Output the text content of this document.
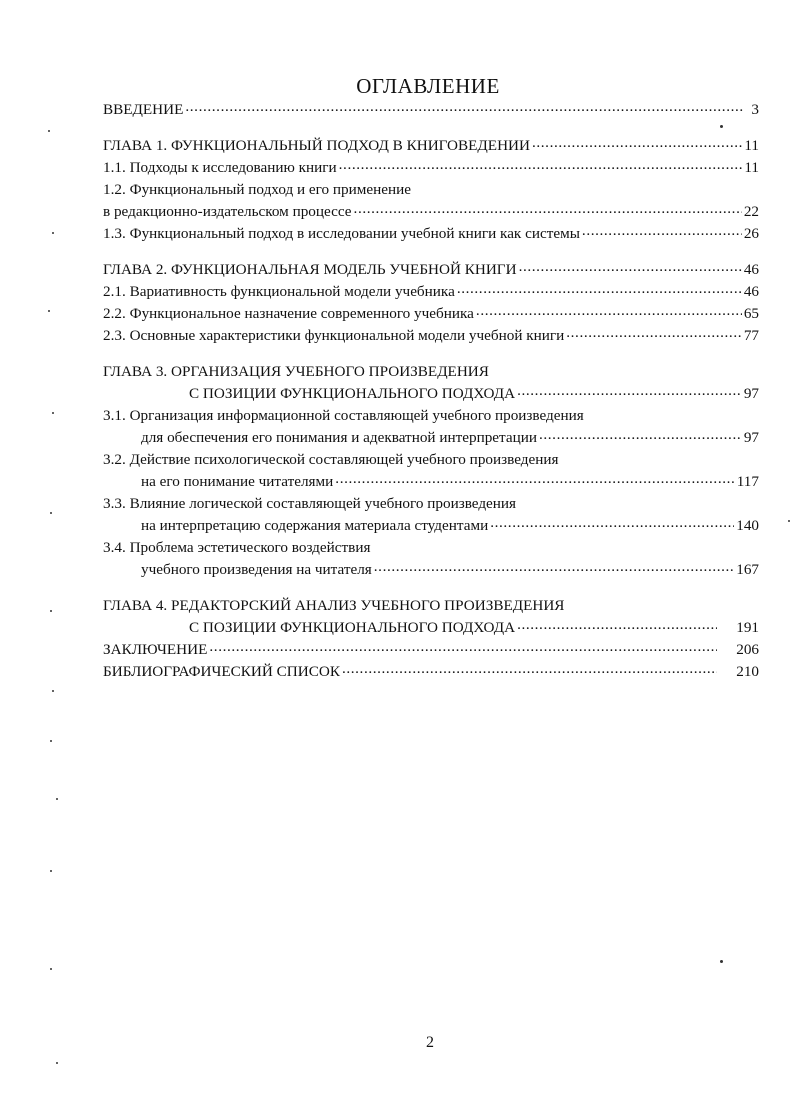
ОГЛАВЛЕНИЕ
ВВЕДЕНИЕ .....	3
ГЛАВА 1. ФУНКЦИОНАЛЬНЫЙ ПОДХОД В КНИГОВЕДЕНИИ .....	11
1.1. Подходы к исследованию книги .....	11
1.2. Функциональный подход и его применение
в редакционно-издательском процессе .....	22
1.3. Функциональный подход в исследовании учебной книги как системы .....	26
ГЛАВА 2. ФУНКЦИОНАЛЬНАЯ МОДЕЛЬ УЧЕБНОЙ КНИГИ .....	46
2.1. Вариативность функциональной модели учебника .....	46
2.2. Функциональное назначение современного учебника .....	65
2.3. Основные характеристики функциональной модели учебной книги .....	77
ГЛАВА 3. ОРГАНИЗАЦИЯ УЧЕБНОГО ПРОИЗВЕДЕНИЯ
С ПОЗИЦИИ ФУНКЦИОНАЛЬНОГО ПОДХОДА .....	97
3.1. Организация информационной составляющей учебного произведения
для обеспечения его понимания и адекватной интерпретации .....	97
3.2. Действие психологической составляющей учебного произведения
на его понимание читателями .....	117
3.3. Влияние логической составляющей учебного произведения
на интерпретацию содержания материала студентами .....	140
3.4. Проблема эстетического воздействия
учебного произведения на читателя .....	167
ГЛАВА 4. РЕДАКТОРСКИЙ АНАЛИЗ УЧЕБНОГО ПРОИЗВЕДЕНИЯ
С ПОЗИЦИИ ФУНКЦИОНАЛЬНОГО ПОДХОДА .....	191
ЗАКЛЮЧЕНИЕ .....	206
БИБЛИОГРАФИЧЕСКИЙ СПИСОК .....	210
2
